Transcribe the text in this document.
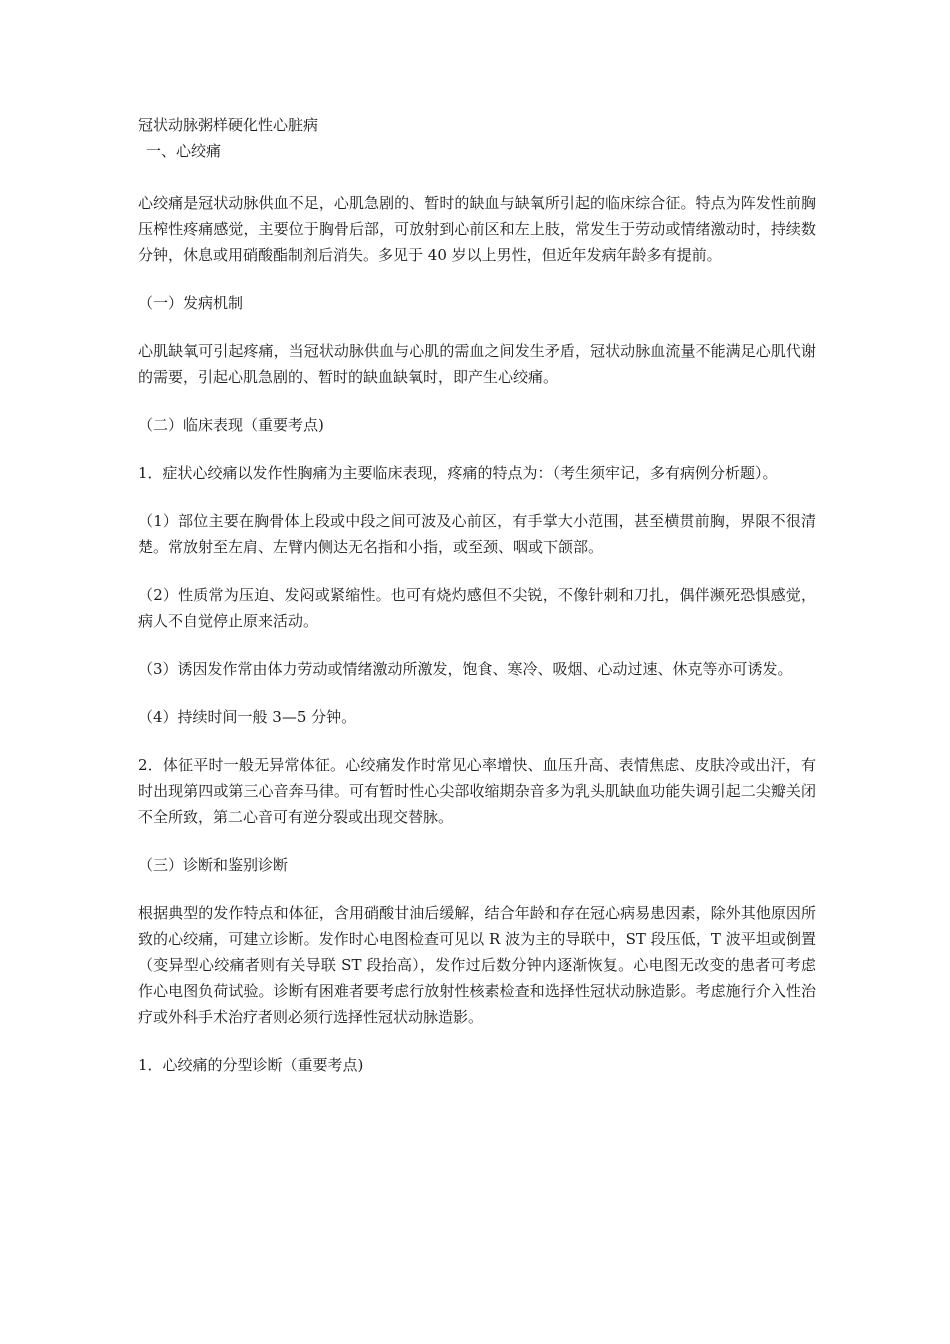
冠状动脉粥样硬化性心脏病
一、心绞痛

心绞痛是冠状动脉供血不足，心肌急剧的、暂时的缺血与缺氧所引起的临床综合征。特点为阵发性前胸压榨性疼痛感觉，主要位于胸骨后部，可放射到心前区和左上肢，常发生于劳动或情绪激动时，持续数分钟，休息或用硝酸酯制剂后消失。多见于 40 岁以上男性，但近年发病年龄多有提前。

（一）发病机制

心肌缺氧可引起疼痛，当冠状动脉供血与心肌的需血之间发生矛盾，冠状动脉血流量不能满足心肌代谢的需要，引起心肌急剧的、暂时的缺血缺氧时，即产生心绞痛。

（二）临床表现（重要考点)

1．症状心绞痛以发作性胸痛为主要临床表现，疼痛的特点为：（考生须牢记，多有病例分析题）。

（1）部位主要在胸骨体上段或中段之间可波及心前区，有手掌大小范围，甚至横贯前胸，界限不很清楚。常放射至左肩、左臂内侧达无名指和小指，或至颈、咽或下颌部。

（2）性质常为压迫、发闷或紧缩性。也可有烧灼感但不尖锐，不像针刺和刀扎，偶伴濒死恐惧感觉，病人不自觉停止原来活动。

（3）诱因发作常由体力劳动或情绪激动所激发，饱食、寒冷、吸烟、心动过速、休克等亦可诱发。

（4）持续时间一般 3—5 分钟。

2．体征平时一般无异常体征。心绞痛发作时常见心率增快、血压升高、表情焦虑、皮肤冷或出汗，有时出现第四或第三心音奔马律。可有暂时性心尖部收缩期杂音多为乳头肌缺血功能失调引起二尖瓣关闭不全所致，第二心音可有逆分裂或出现交替脉。

（三）诊断和鉴别诊断

根据典型的发作特点和体征，含用硝酸甘油后缓解，结合年龄和存在冠心病易患因素，除外其他原因所致的心绞痛，可建立诊断。发作时心电图检查可见以 R 波为主的导联中，ST 段压低，T 波平坦或倒置（变异型心绞痛者则有关导联 ST 段抬高），发作过后数分钟内逐渐恢复。心电图无改变的患者可考虑作心电图负荷试验。诊断有困难者要考虑行放射性核素检查和选择性冠状动脉造影。考虑施行介入性治疗或外科手术治疗者则必须行选择性冠状动脉造影。

1．心绞痛的分型诊断（重要考点)
